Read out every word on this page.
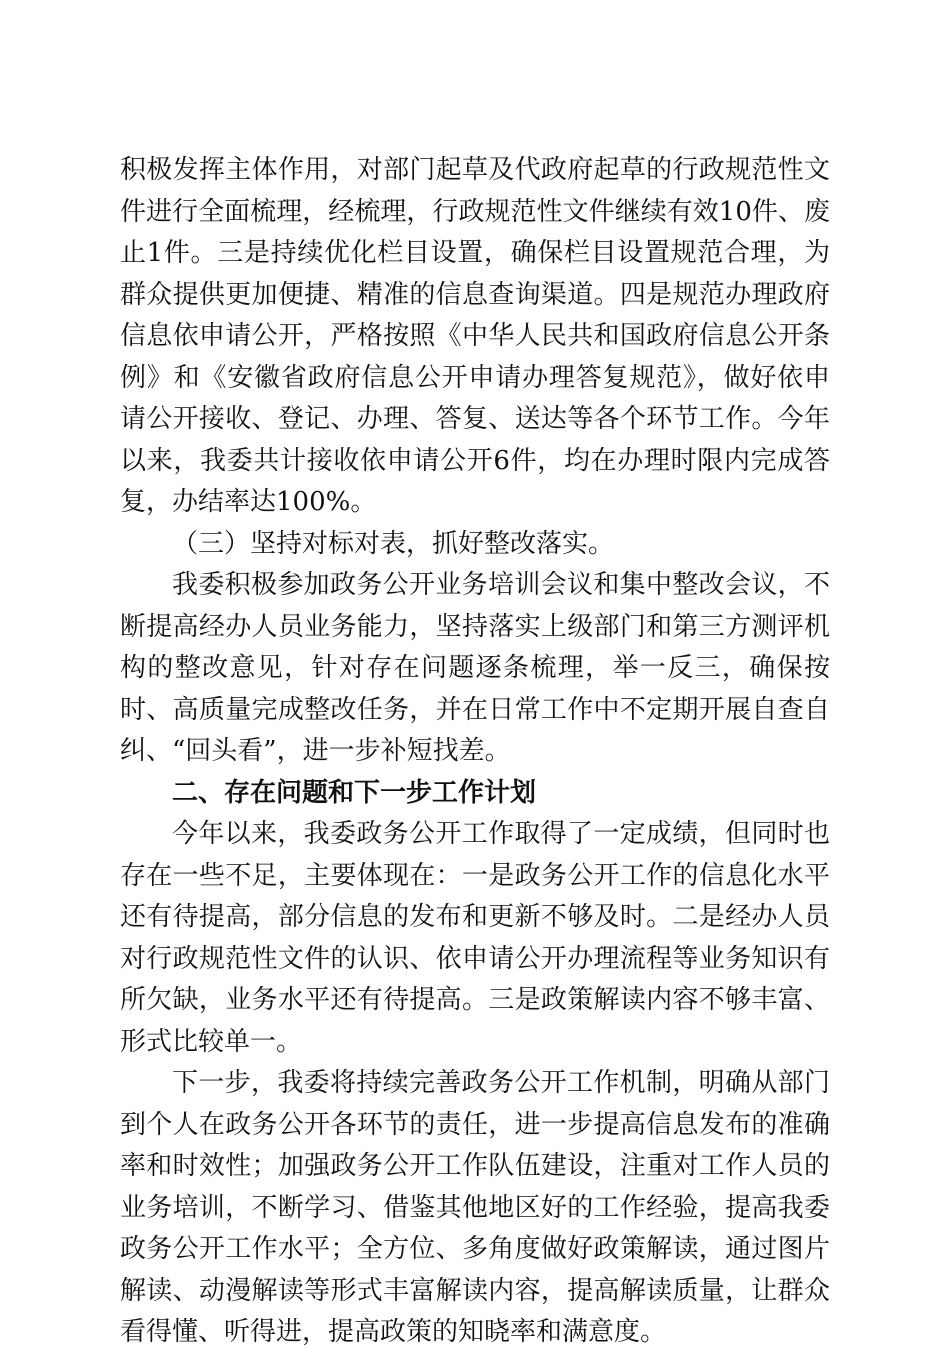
积极发挥主体作用，对部门起草及代政府起草的行政规范性文件进行全面梳理，经梳理，行政规范性文件继续有效10件、废止1件。三是持续优化栏目设置，确保栏目设置规范合理，为群众提供更加便捷、精准的信息查询渠道。四是规范办理政府信息依申请公开，严格按照《中华人民共和国政府信息公开条例》和《安徽省政府信息公开申请办理答复规范》，做好依申请公开接收、登记、办理、答复、送达等各个环节工作。今年以来，我委共计接收依申请公开6件，均在办理时限内完成答复，办结率达100%。

（三）坚持对标对表，抓好整改落实。

我委积极参加政务公开业务培训会议和集中整改会议，不断提高经办人员业务能力，坚持落实上级部门和第三方测评机构的整改意见，针对存在问题逐条梳理，举一反三，确保按时、高质量完成整改任务，并在日常工作中不定期开展自查自纠、“回头看”，进一步补短找差。

二、存在问题和下一步工作计划

今年以来，我委政务公开工作取得了一定成绩，但同时也存在一些不足，主要体现在：一是政务公开工作的信息化水平还有待提高，部分信息的发布和更新不够及时。二是经办人员对行政规范性文件的认识、依申请公开办理流程等业务知识有所欠缺，业务水平还有待提高。三是政策解读内容不够丰富、形式比较单一。

下一步，我委将持续完善政务公开工作机制，明确从部门到个人在政务公开各环节的责任，进一步提高信息发布的准确率和时效性；加强政务公开工作队伍建设，注重对工作人员的业务培训，不断学习、借鉴其他地区好的工作经验，提高我委政务公开工作水平；全方位、多角度做好政策解读，通过图片解读、动漫解读等形式丰富解读内容，提高解读质量，让群众看得懂、听得进，提高政策的知晓率和满意度。
